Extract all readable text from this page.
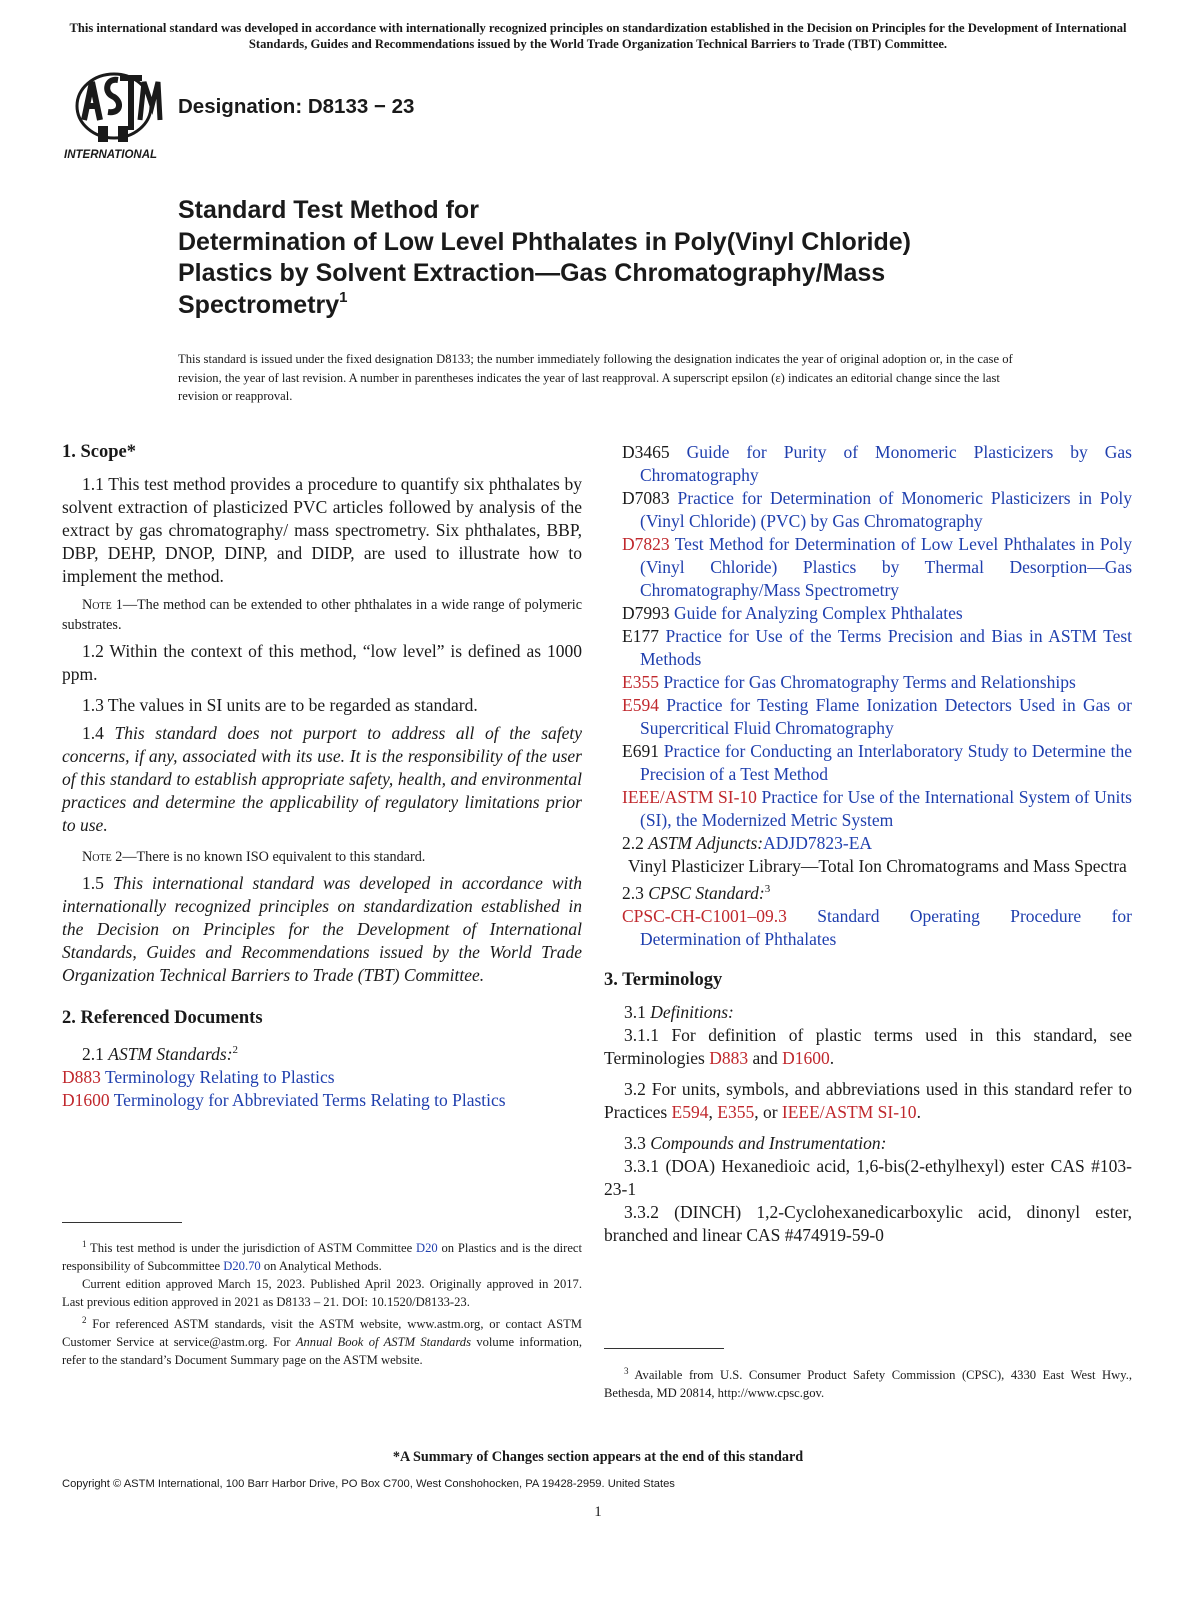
This international standard was developed in accordance with internationally recognized principles on standardization established in the Decision on Principles for the Development of International Standards, Guides and Recommendations issued by the World Trade Organization Technical Barriers to Trade (TBT) Committee.
INTERNATIONAL
Designation: D8133 − 23
Standard Test Method for
Determination of Low Level Phthalates in Poly(Vinyl Chloride) Plastics by Solvent Extraction—Gas Chromatography/Mass Spectrometry$^1$
This standard is issued under the fixed designation D8133; the number immediately following the designation indicates the year of original adoption or, in the case of revision, the year of last revision. A number in parentheses indicates the year of last reapproval. A superscript epsilon (ε) indicates an editorial change since the last revision or reapproval.
1. Scope*

1.1 This test method provides a procedure to quantify six phthalates by solvent extraction of plasticized PVC articles followed by analysis of the extract by gas chromatography/ mass spectrometry. Six phthalates, BBP, DBP, DEHP, DNOP, DINP, and DIDP, are used to illustrate how to implement the method.

Note 1—The method can be extended to other phthalates in a wide range of polymeric substrates.

1.2 Within the context of this method, “low level” is defined as 1000 ppm.

1.3 The values in SI units are to be regarded as standard.

1.4 This standard does not purport to address all of the safety concerns, if any, associated with its use. It is the responsibility of the user of this standard to establish appropriate safety, health, and environmental practices and determine the applicability of regulatory limitations prior to use.

Note 2—There is no known ISO equivalent to this standard.

1.5 This international standard was developed in accordance with internationally recognized principles on standardization established in the Decision on Principles for the Development of International Standards, Guides and Recommendations issued by the World Trade Organization Technical Barriers to Trade (TBT) Committee.

2. Referenced Documents

2.1 ASTM Standards:$^2$

D883 Terminology Relating to Plastics

D1600 Terminology for Abbreviated Terms Relating to Plastics

$^1$ This test method is under the jurisdiction of ASTM Committee D20 on Plastics and is the direct responsibility of Subcommittee D20.70 on Analytical Methods.

Current edition approved March 15, 2023. Published April 2023. Originally approved in 2017. Last previous edition approved in 2021 as D8133 – 21. DOI: 10.1520/D8133-23.

$^2$ For referenced ASTM standards, visit the ASTM website, www.astm.org, or contact ASTM Customer Service at service@astm.org. For Annual Book of ASTM Standards volume information, refer to the standard’s Document Summary page on the ASTM website.

D3465 Guide for Purity of Monomeric Plasticizers by Gas Chromatography

D7083 Practice for Determination of Monomeric Plasticizers in Poly (Vinyl Chloride) (PVC) by Gas Chromatography

D7823 Test Method for Determination of Low Level Phthalates in Poly (Vinyl Chloride) Plastics by Thermal Desorption—Gas Chromatography/Mass Spectrometry

D7993 Guide for Analyzing Complex Phthalates

E177 Practice for Use of the Terms Precision and Bias in ASTM Test Methods

E355 Practice for Gas Chromatography Terms and Relationships

E594 Practice for Testing Flame Ionization Detectors Used in Gas or Supercritical Fluid Chromatography

E691 Practice for Conducting an Interlaboratory Study to Determine the Precision of a Test Method

IEEE/ASTM SI-10 Practice for Use of the International System of Units (SI), the Modernized Metric System

2.2 ASTM Adjuncts:ADJD7823-EA

Vinyl Plasticizer Library—Total Ion Chromatograms and Mass Spectra

2.3 CPSC Standard:$^3$

CPSC-CH-C1001–09.3 Standard Operating Procedure for Determination of Phthalates

3. Terminology

3.1 Definitions:

3.1.1 For definition of plastic terms used in this standard, see Terminologies D883 and D1600.

3.2 For units, symbols, and abbreviations used in this standard refer to Practices E594, E355, or IEEE/ASTM SI-10.

3.3 Compounds and Instrumentation:

3.3.1 (DOA) Hexanedioic acid, 1,6-bis(2-ethylhexyl) ester CAS #103-23-1

3.3.2 (DINCH) 1,2-Cyclohexanedicarboxylic acid, dinonyl ester, branched and linear CAS #474919-59-0

$^3$ Available from U.S. Consumer Product Safety Commission (CPSC), 4330 East West Hwy., Bethesda, MD 20814, http://www.cpsc.gov.

*A Summary of Changes section appears at the end of this standard
Copyright © ASTM International, 100 Barr Harbor Drive, PO Box C700, West Conshohocken, PA 19428-2959. United States
1
